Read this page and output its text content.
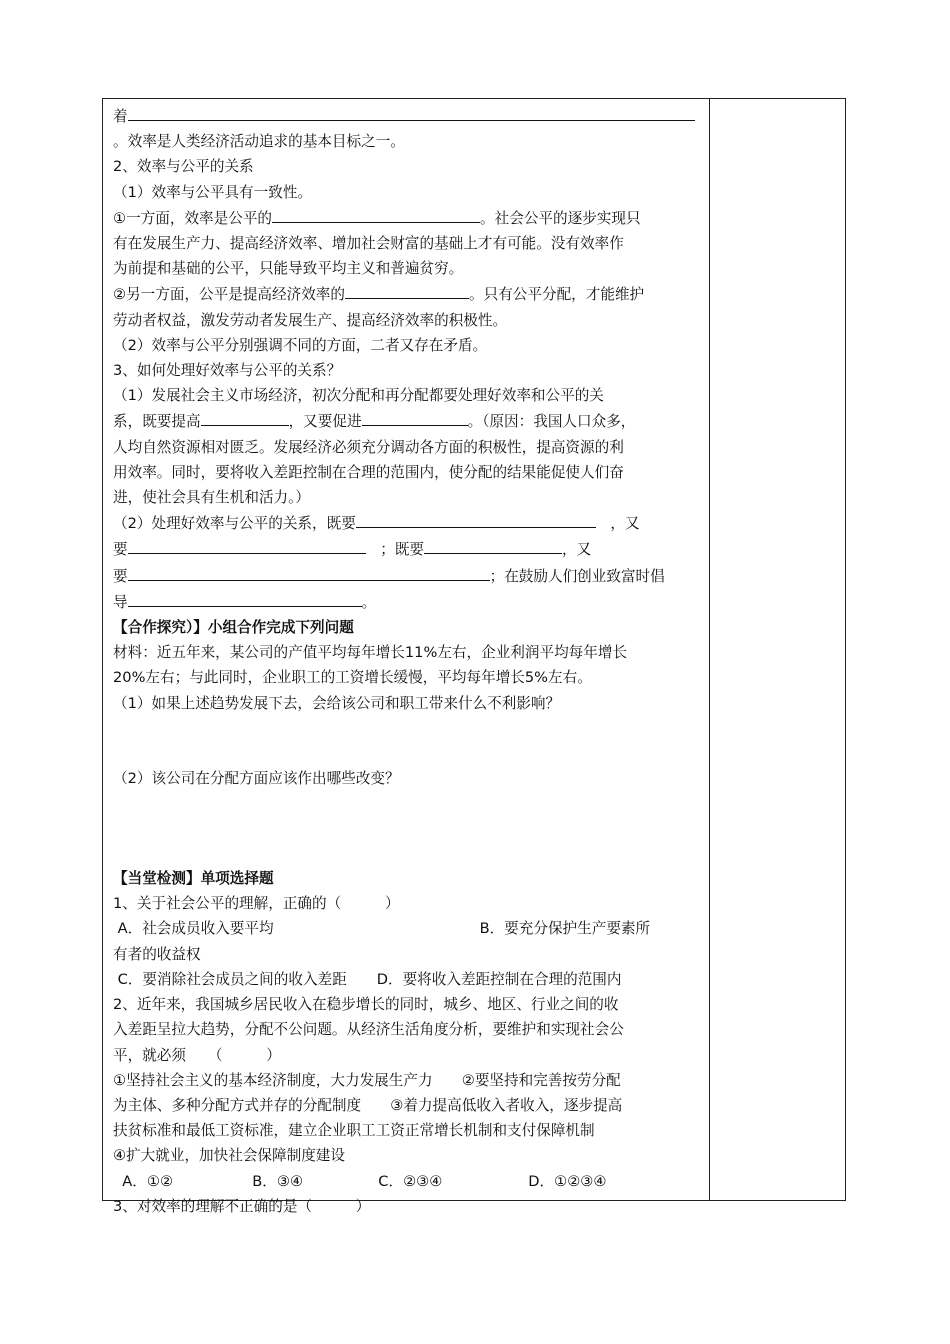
着

。效率是人类经济活动追求的基本目标之一。

2、效率与公平的关系

（1）效率与公平具有一致性。

①一方面，效率是公平的	。社会公平的逐步实现只

有在发展生产力、提高经济效率、增加社会财富的基础上才有可能。没有效率作

为前提和基础的公平，只能导致平均主义和普遍贫穷。

②另一方面，公平是提高经济效率的	。只有公平分配，才能维护

劳动者权益，激发劳动者发展生产、提高经济效率的积极性。

（2）效率与公平分别强调不同的方面，二者又存在矛盾。

3、如何处理好效率与公平的关系？

（1）发展社会主义市场经济，初次分配和再分配都要处理好效率和公平的关

系，既要提高	，又要促进	。（原因：我国人口众多，

人均自然资源相对匮乏。发展经济必须充分调动各方面的积极性，提高资源的利

用效率。同时，要将收入差距控制在合理的范围内，使分配的结果能促使人们奋

进，使社会具有生机和活力。）

（2）处理好效率与公平的关系，既要　	，又

要　	；既要	，又

要	；在鼓励人们创业致富时倡

导	。

【合作探究）】小组合作完成下列问题

材料：近五年来，某公司的产值平均每年增长11%左右，企业利润平均每年增长

20%左右；与此同时，企业职工的工资增长缓慢，平均每年增长5%左右。

（1）如果上述趋势发展下去，会给该公司和职工带来什么不利影响？

（2）该公司在分配方面应该作出哪些改变？

【当堂检测】单项选择题

1、关于社会公平的理解，正确的（　　　）

A．社会成员收入要平均	B．要充分保护生产要素所

有者的收益权

C．要消除社会成员之间的收入差距 D．要将收入差距控制在合理的范围内

2、近年来，我国城乡居民收入在稳步增长的同时，城乡、地区、行业之间的收

入差距呈拉大趋势，分配不公问题。从经济生活角度分析，要维护和实现社会公

平，就必须　　（　　　）

①坚持社会主义的基本经济制度，大力发展生产力　　②要坚持和完善按劳分配

为主体、多种分配方式并存的分配制度　　③着力提高低收入者收入，逐步提高

扶贫标准和最低工资标准，建立企业职工工资正常增长机制和支付保障机制

④扩大就业，加快社会保障制度建设

A．①②	B．③④	C．②③④	D．①②③④

3、对效率的理解不正确的是（　　　）
